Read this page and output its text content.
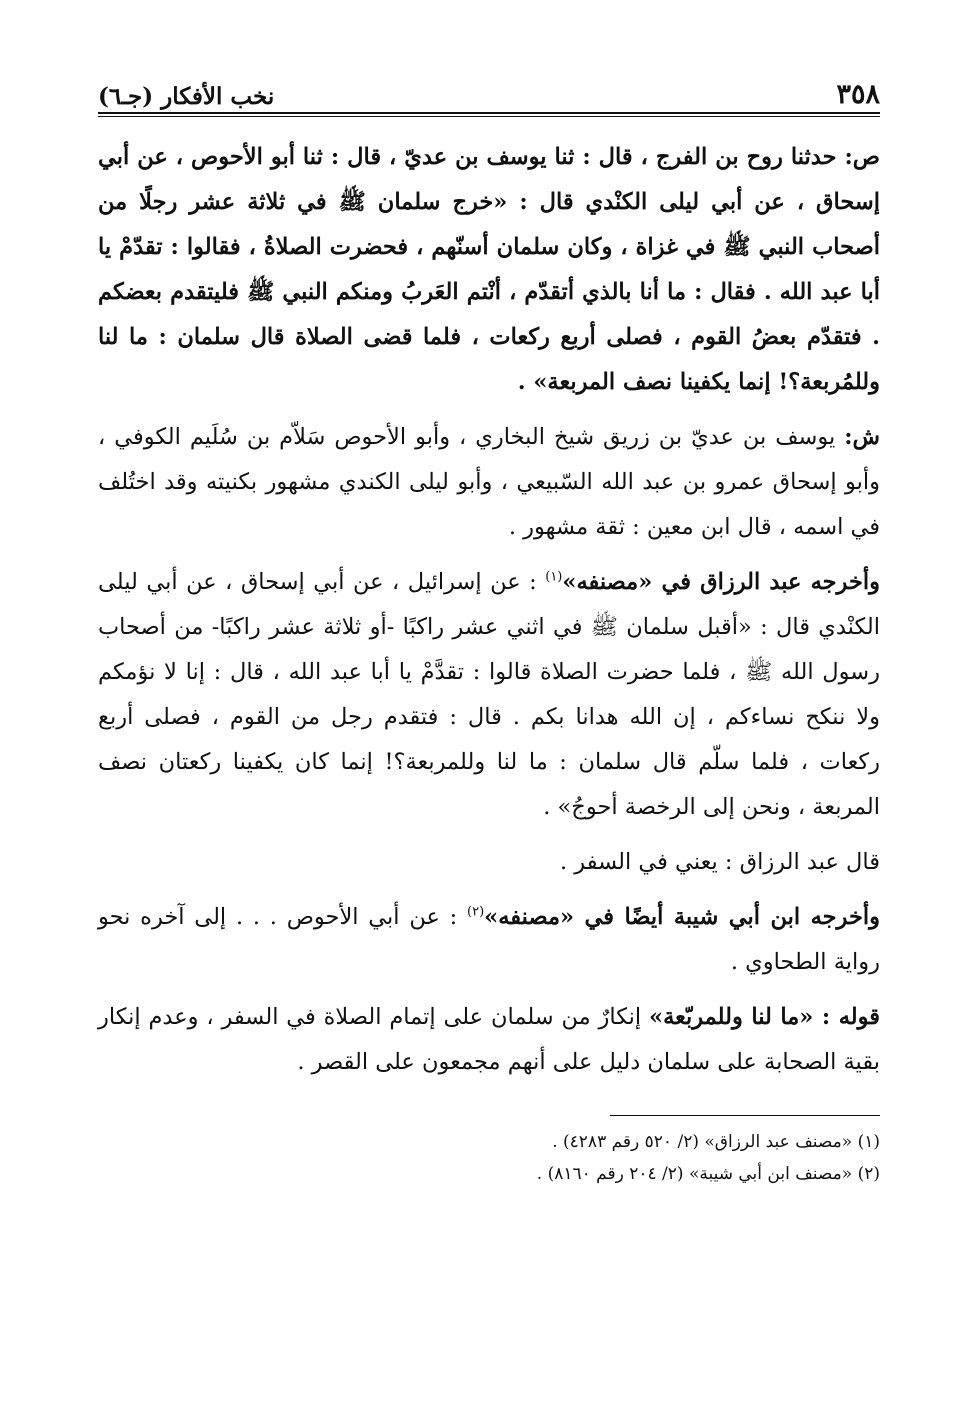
٣٥٨
نخب الأفكار (جـ٦)

ص: حدثنا روح بن الفرج ، قال : ثنا يوسف بن عديّ ، قال : ثنا أبو الأحوص ، عن أبي إسحاق ، عن أبي ليلى الكنْدي قال : «خرج سلمان ﷺ في ثلاثة عشر رجلًا من أصحاب النبي ﷺ في غزاة ، وكان سلمان أسنّهم ، فحضرت الصلاةُ ، فقالوا : تقدّمْ يا أبا عبد الله . فقال : ما أنا بالذي أتقدّم ، أنْتم العَربُ ومنكم النبي ﷺ فليتقدم بعضكم . فتقدّم بعضُ القوم ، فصلى أربع ركعات ، فلما قضى الصلاة قال سلمان : ما لنا وللمُربعة؟! إنما يكفينا نصف المربعة» .

ش: يوسف بن عديّ بن زريق شيخ البخاري ، وأبو الأحوص سَلاّم بن سُلَيم الكوفي ، وأبو إسحاق عمرو بن عبد الله السّبيعي ، وأبو ليلى الكندي مشهور بكنيته وقد اختُلف في اسمه ، قال ابن معين : ثقة مشهور .

وأخرجه عبد الرزاق في «مصنفه»$^{(١)}$ : عن إسرائيل ، عن أبي إسحاق ، عن أبي ليلى الكنْدي قال : «أقبل سلمان ﷺ في اثني عشر راكبًا -أو ثلاثة عشر راكبًا- من أصحاب رسول الله ﷺ ، فلما حضرت الصلاة قالوا : تقدَّمْ يا أبا عبد الله ، قال : إنا لا نؤمكم ولا ننكح نساءكم ، إن الله هدانا بكم . قال : فتقدم رجل من القوم ، فصلى أربع ركعات ، فلما سلّم قال سلمان : ما لنا وللمربعة؟! إنما كان يكفينا ركعتان نصف المربعة ، ونحن إلى الرخصة أحوجُ» .

قال عبد الرزاق : يعني في السفر .

وأخرجه ابن أبي شيبة أيضًا في «مصنفه»$^{(٢)}$ : عن أبي الأحوص . . . إلى آخره نحو رواية الطحاوي .

قوله : «ما لنا وللمربّعة» إنكارٌ من سلمان على إتمام الصلاة في السفر ، وعدم إنكار بقية الصحابة على سلمان دليل على أنهم مجمعون على القصر .

(١) «مصنف عبد الرزاق» (٢/ ٥٢٠ رقم ٤٢٨٣) .

(٢) «مصنف ابن أبي شيبة» (٢/ ٢٠٤ رقم ٨١٦٠) .
